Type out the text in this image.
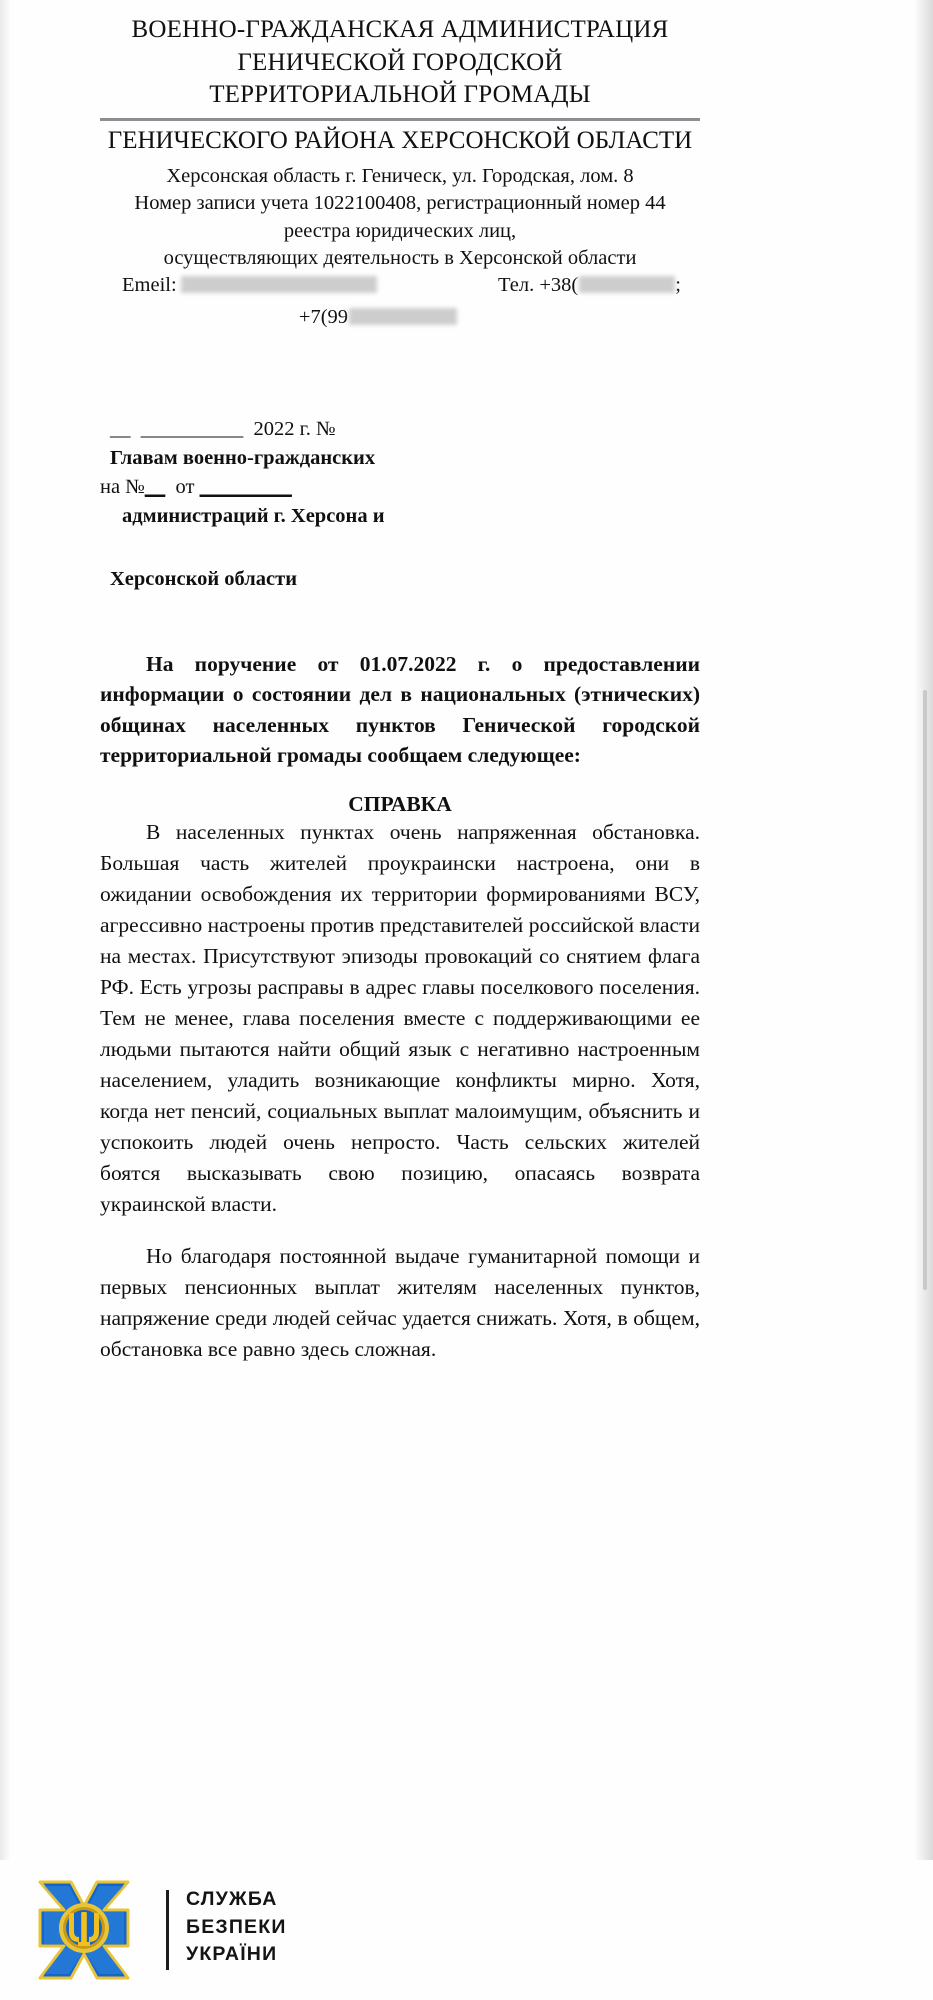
ВОЕННО-ГРАЖДАНСКАЯ АДМИНИСТРАЦИЯ
ГЕНИЧЕСКОЙ ГОРОДСКОЙ
ТЕРРИТОРИАЛЬНОЙ ГРОМАДЫ
ГЕНИЧЕСКОГО РАЙОНА ХЕРСОНСКОЙ ОБЛАСТИ
Херсонская область г. Геническ, ул. Городская, лом. 8
Номер записи учета 1022100408, регистрационный номер 44
реестра юридических лиц,
осуществляющих деятельность в Херсонской области
Emeil:	Тел. +38(	;
+7(99
__  __________  2022 г. №
Главам военно-гражданских
на №__ от _________
администраций г. Херсона и
Херсонской области

На поручение от 01.07.2022 г. о предоставлении информации о состоянии дел в национальных (этнических) общинах населенных пунктов Генической городской территориальной громады сообщаем следующее:

СПРАВКА

В населенных пунктах очень напряженная обстановка. Большая часть жителей проукраински настроена, они в ожидании освобождения их территории формированиями ВСУ, агрессивно настроены против представителей российской власти на местах. Присутствуют эпизоды провокаций со снятием флага РФ. Есть угрозы расправы в адрес главы поселкового поселения. Тем не менее, глава поселения вместе с поддерживающими ее людьми пытаются найти общий язык с негативно настроенным населением, уладить возникающие конфликты мирно. Хотя, когда нет пенсий, социальных выплат малоимущим, объяснить и успокоить людей очень непросто. Часть сельских жителей боятся высказывать свою позицию, опасаясь возврата украинской власти.

Но благодаря постоянной выдаче гуманитарной помощи и первых пенсионных выплат жителям населенных пунктов, напряжение среди людей сейчас удается снижать. Хотя, в общем, обстановка все равно здесь сложная.

СЛУЖБА
БЕЗПЕКИ
УКРАЇНИ
